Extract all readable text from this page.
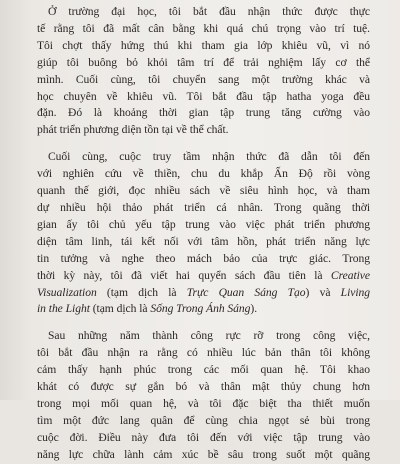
Ở trường đại học, tôi bắt đầu nhận thức được thực
tế rằng tôi đã mất cân bằng khi quá chú trọng vào trí tuệ.
Tôi chợt thấy hứng thú khi tham gia lớp khiêu vũ, vì nó
giúp tôi buông bỏ khỏi tâm trí để trải nghiệm lấy cơ thể
mình. Cuối cùng, tôi chuyển sang một trường khác và
học chuyên về khiêu vũ. Tôi bắt đầu tập hatha yoga đều
đặn. Đó là khoảng thời gian tập trung tăng cường vào
phát triển phương diện tồn tại về thể chất.

Cuối cùng, cuộc truy tầm nhận thức đã dẫn tôi đến
với nghiên cứu về thiền, chu du khắp Ấn Độ rồi vòng
quanh thế giới, đọc nhiều sách về siêu hình học, và tham
dự nhiều hội thảo phát triển cá nhân. Trong quãng thời
gian ấy tôi chủ yếu tập trung vào việc phát triển phương
diện tâm linh, tái kết nối với tâm hồn, phát triển năng lực
tin tưởng và nghe theo mách bảo của trực giác. Trong
thời kỳ này, tôi đã viết hai quyển sách đầu tiên là Creative
Visualization (tạm dịch là Trực Quan Sáng Tạo) và Living
in the Light (tạm dịch là Sống Trong Ánh Sáng).

Sau những năm thành công rực rỡ trong công việc,
tôi bắt đầu nhận ra rằng có nhiều lúc bản thân tôi không
cảm thấy hạnh phúc trong các mối quan hệ. Tôi khao
khát có được sự gắn bó và thân mật thủy chung hơn
trong mọi mối quan hệ, và tôi đặc biệt tha thiết muốn
tìm một đức lang quân để cùng chia ngọt sẻ bùi trong
cuộc đời. Điều này đưa tôi đến với việc tập trung vào
năng lực chữa lành cảm xúc bề sâu trong suốt một quãng
